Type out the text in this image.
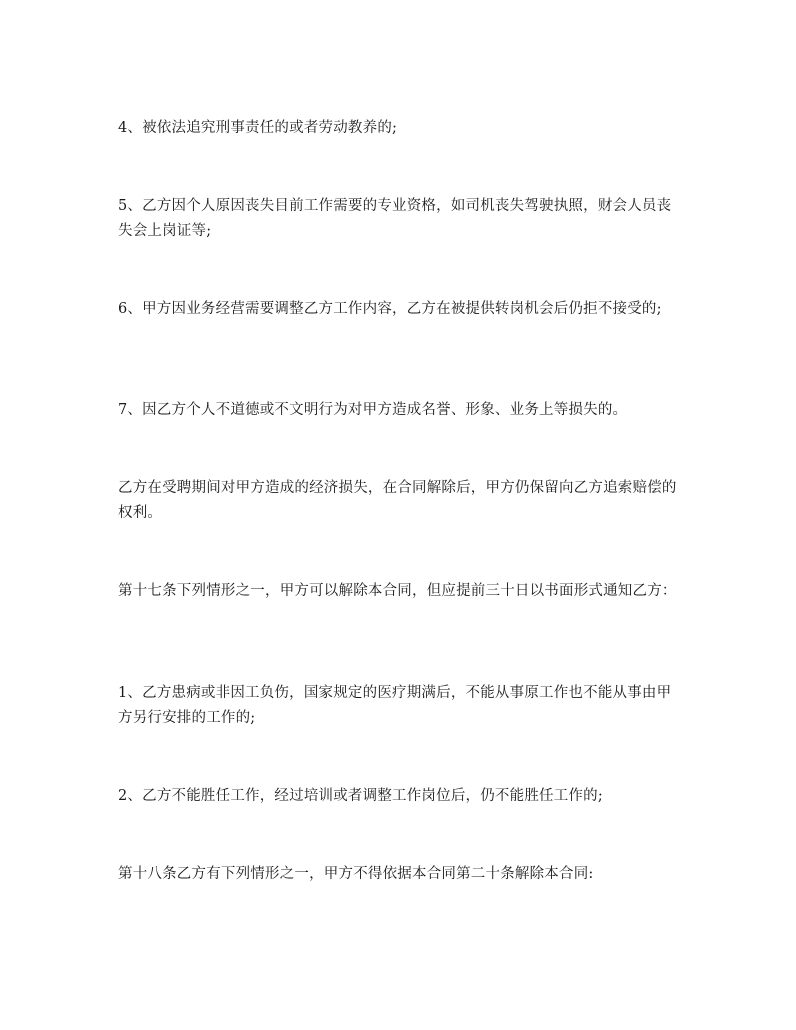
4、被依法追究刑事责任的或者劳动教养的;

5、乙方因个人原因丧失目前工作需要的专业资格，如司机丧失驾驶执照，财会人员丧失会上岗证等;

6、甲方因业务经营需要调整乙方工作内容，乙方在被提供转岗机会后仍拒不接受的;

7、因乙方个人不道德或不文明行为对甲方造成名誉、形象、业务上等损失的。

乙方在受聘期间对甲方造成的经济损失，在合同解除后，甲方仍保留向乙方追索赔偿的权利。

第十七条下列情形之一，甲方可以解除本合同，但应提前三十日以书面形式通知乙方：

1、乙方患病或非因工负伤，国家规定的医疗期满后，不能从事原工作也不能从事由甲方另行安排的工作的;

2、乙方不能胜任工作，经过培训或者调整工作岗位后，仍不能胜任工作的;

第十八条乙方有下列情形之一，甲方不得依据本合同第二十条解除本合同:
